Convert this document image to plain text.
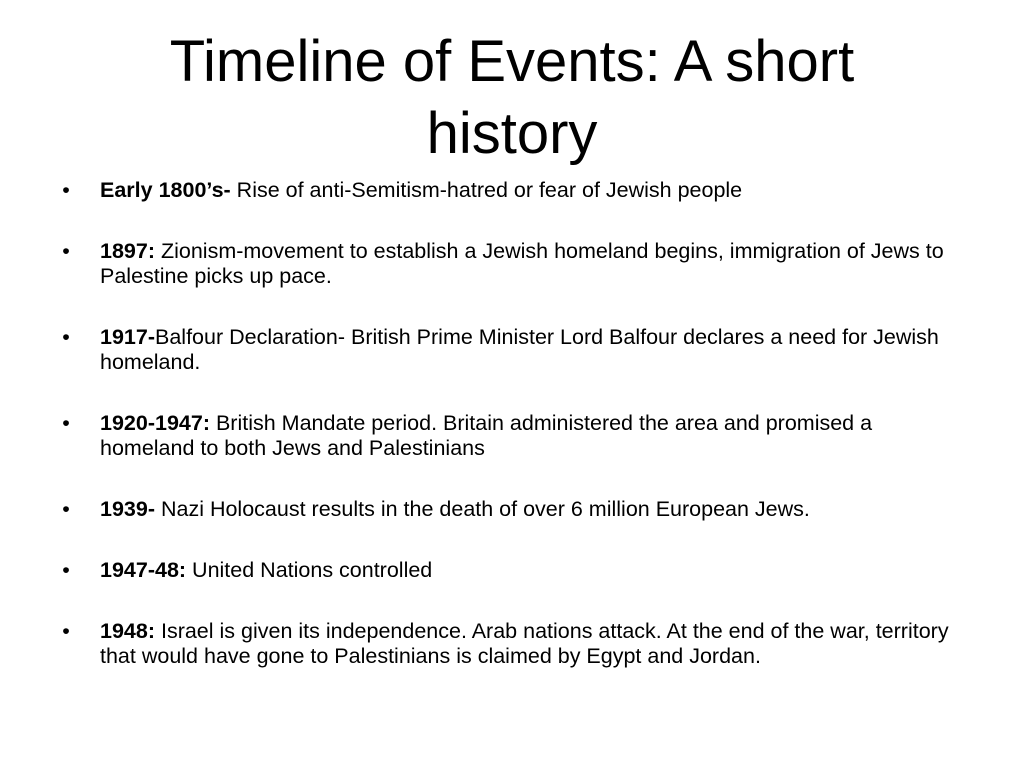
Timeline of Events: A short history
• Early 1800’s- Rise of anti-Semitism-hatred or fear of Jewish people
• 1897: Zionism-movement to establish a Jewish homeland begins, immigration of Jews to Palestine picks up pace.
• 1917-Balfour Declaration- British Prime Minister Lord Balfour declares a need for Jewish homeland.
• 1920-1947: British Mandate period. Britain administered the area and promised a homeland to both Jews and Palestinians
• 1939- Nazi Holocaust results in the death of over 6 million European Jews.
• 1947-48: United Nations controlled
• 1948: Israel is given its independence. Arab nations attack. At the end of the war, territory that would have gone to Palestinians is claimed by Egypt and Jordan.
